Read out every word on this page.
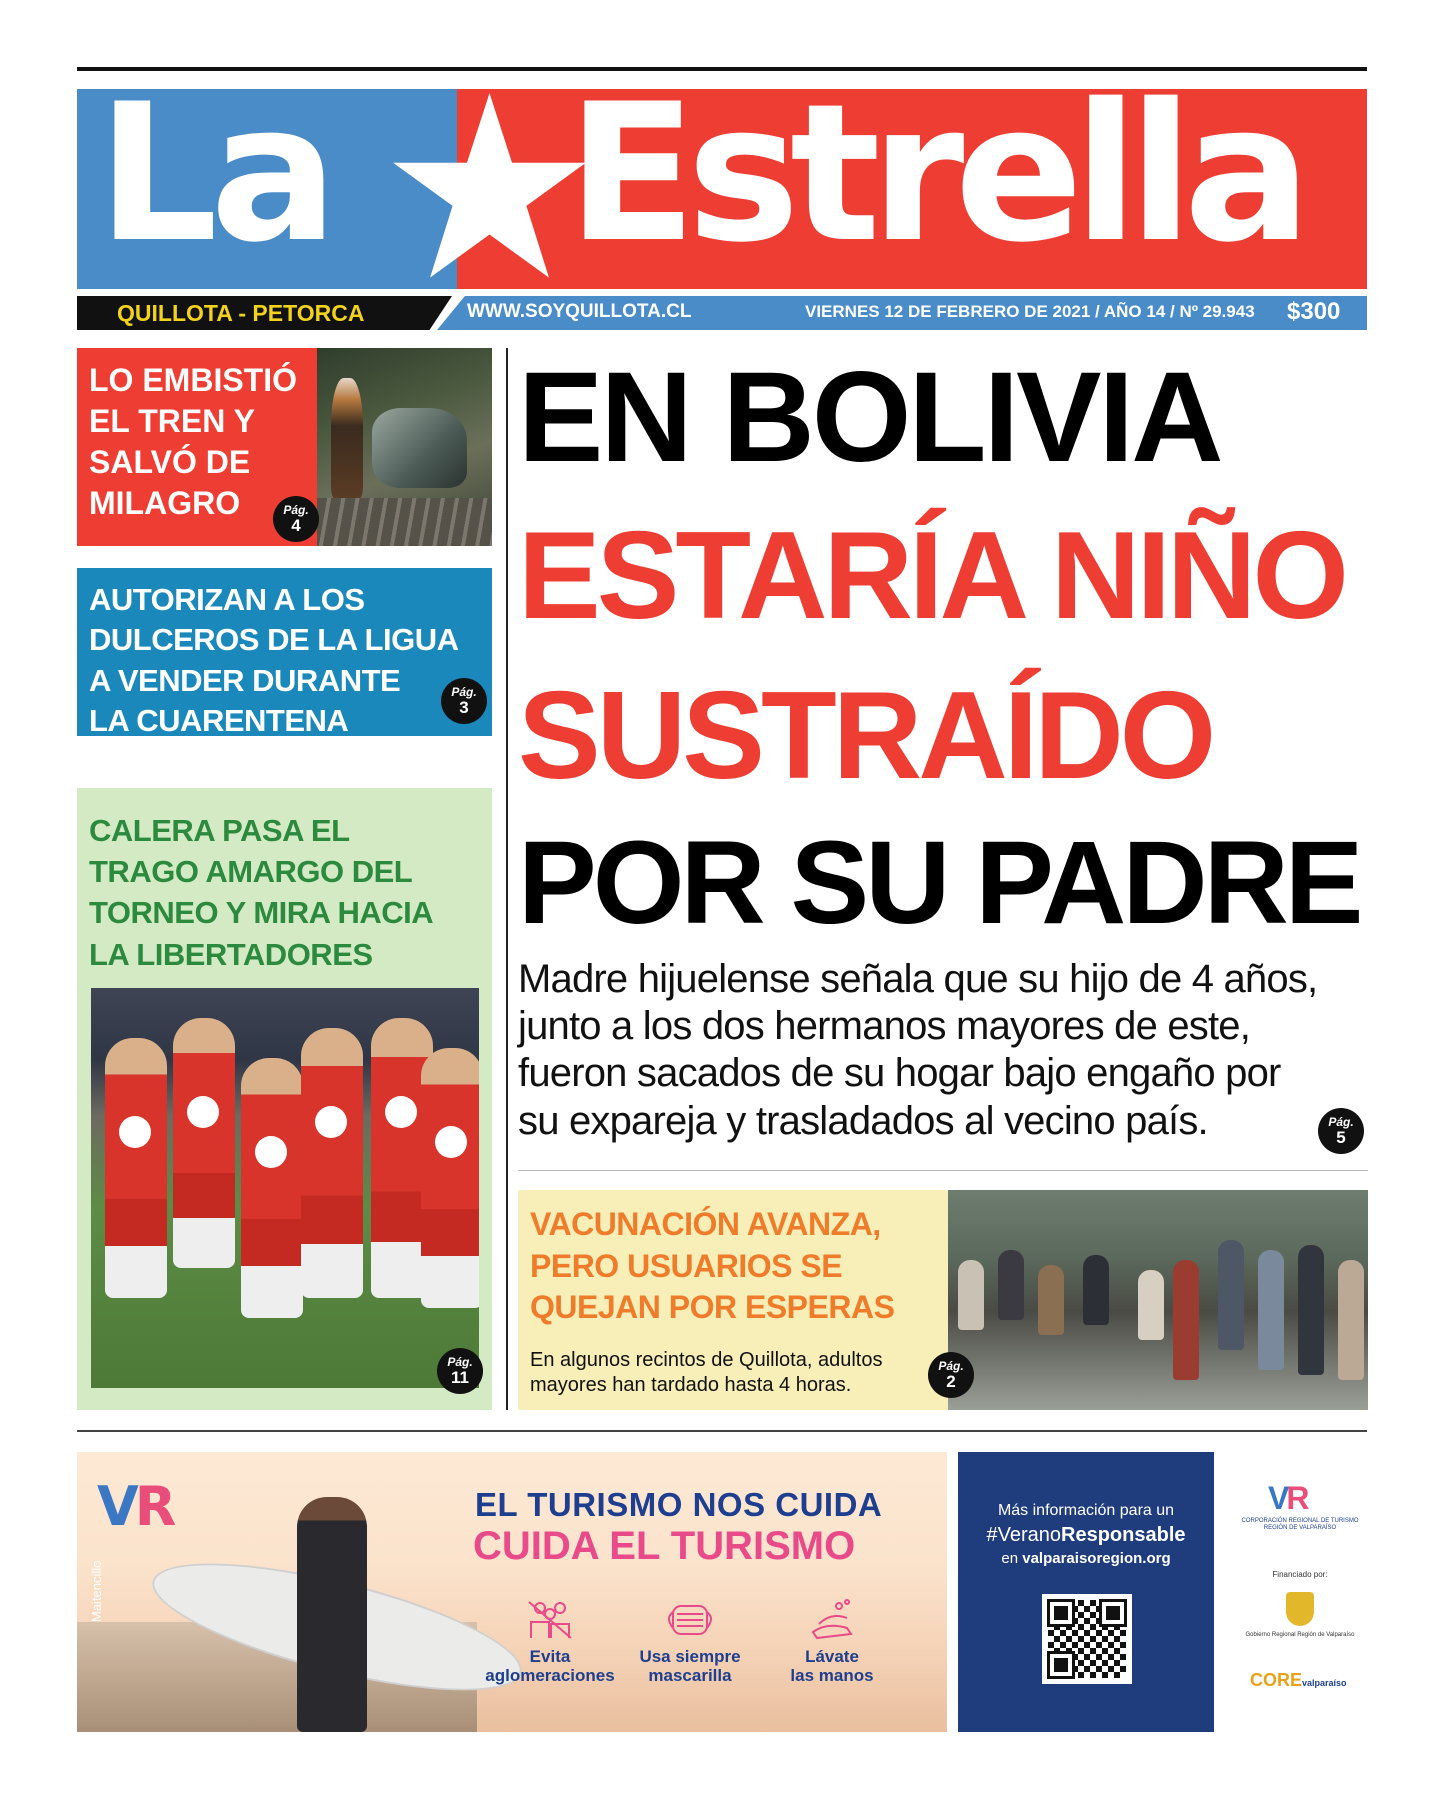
La Estrella
QUILLOTA - PETORCA	WWW.SOYQUILLOTA.CL	VIERNES 12 DE FEBRERO DE 2021 / AÑO 14 / Nº 29.943 $300
LO EMBISTIÓ
EL TREN Y
SALVÓ DE
MILAGRO	Pág.
4
AUTORIZAN A LOS
DULCEROS DE LA LIGUA
A VENDER DURANTE
LA CUARENTENA
Pág.
3
CALERA PASA EL
TRAGO AMARGO DEL
TORNEO Y MIRA HACIA
LA LIBERTADORES
Pág.
11
EN BOLIVIA
ESTARÍA NIÑO
SUSTRAÍDO
POR SU PADRE
Madre hijuelense señala que su hijo de 4 años,
junto a los dos hermanos mayores de este,
fueron sacados de su hogar bajo engaño por
su expareja y trasladados al vecino país.	Pág.
5
VACUNACIÓN AVANZA,
PERO USUARIOS SE
QUEJAN POR ESPERAS
En algunos recintos de Quillota, adultos
mayores han tardado hasta 4 horas.
Pág.
2
VR
Maitencillo
EL TURISMO NOS CUIDA
CUIDA EL TURISMO
Evita
aglomeraciones
Usa siempre
mascarilla
Lávate
las manos
Más información para un
#VeranoResponsable
en valparaisoregion.org
VR
CORPORACIÓN REGIONAL DE TURISMO REGIÓN DE VALPARAÍSO
Financiado por:
Gobierno Regional Región de Valparaíso
COREvalparaíso
